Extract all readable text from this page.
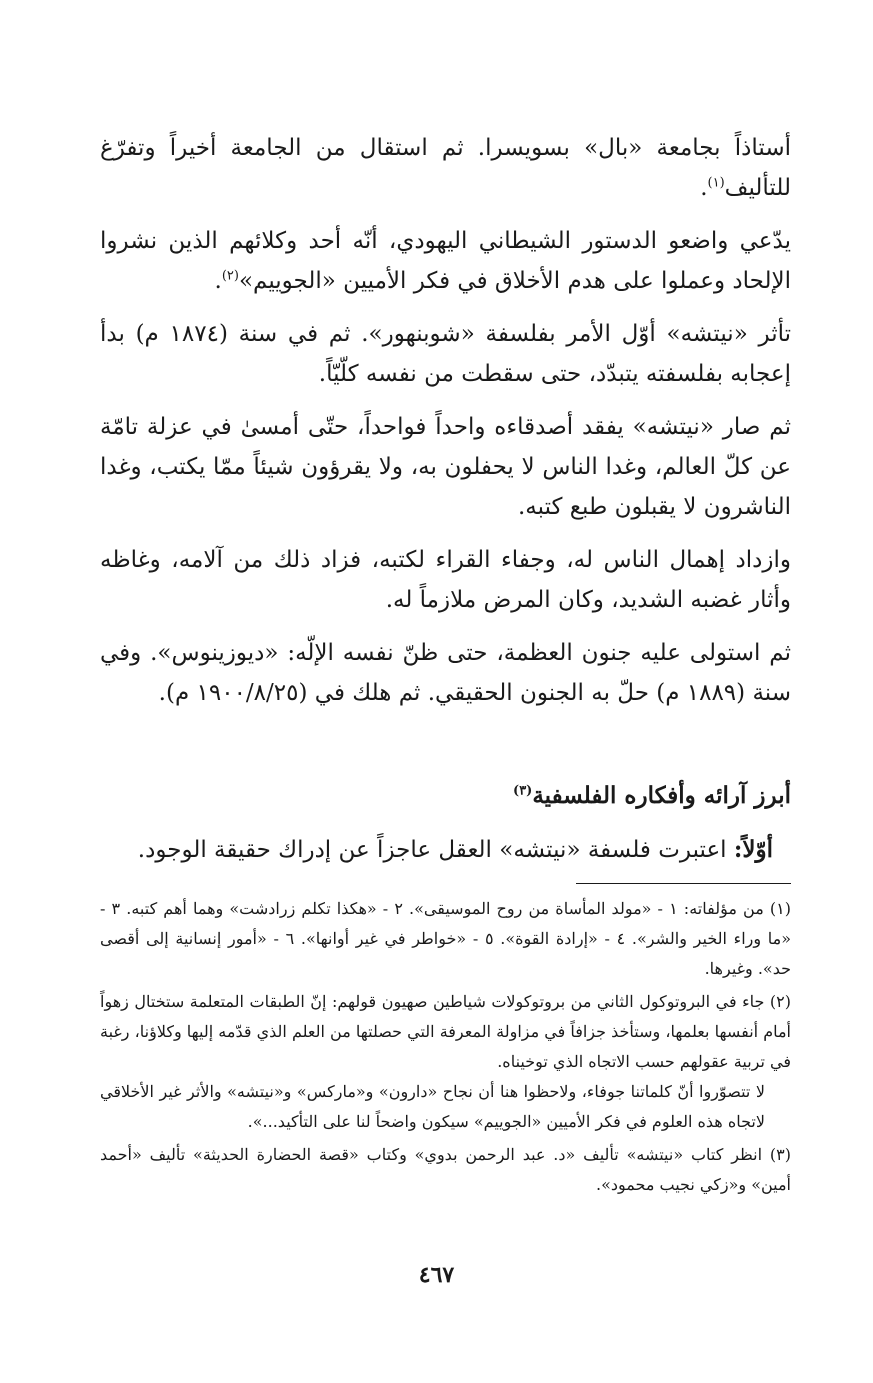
أستاذاً بجامعة «بال» بسويسرا. ثم استقال من الجامعة أخيراً وتفرّغ للتأليف$^{(١)}$.

يدّعي واضعو الدستور الشيطاني اليهودي، أنّه أحد وكلائهم الذين نشروا الإلحاد وعملوا على هدم الأخلاق في فكر الأميين «الجوييم»$^{(٢)}$.

تأثر «نيتشه» أوّل الأمر بفلسفة «شوبنهور». ثم في سنة (١٨٧٤ م) بدأ إعجابه بفلسفته يتبدّد، حتى سقطت من نفسه كلّيّاً.

ثم صار «نيتشه» يفقد أصدقاءه واحداً فواحداً، حتّى أمسىٰ في عزلة تامّة عن كلّ العالم، وغدا الناس لا يحفلون به، ولا يقرؤون شيئاً ممّا يكتب، وغدا الناشرون لا يقبلون طبع كتبه.

وازداد إهمال الناس له، وجفاء القراء لكتبه، فزاد ذلك من آلامه، وغاظه وأثار غضبه الشديد، وكان المرض ملازماً له.

ثم استولى عليه جنون العظمة، حتى ظنّ نفسه الإلّه: «ديوزينوس». وفي سنة (١٨٨٩ م) حلّ به الجنون الحقيقي. ثم هلك في (١٩٠٠/٨/٢٥ م).

أبرز آرائه وأفكاره الفلسفية$^{(٣)}$
أوّلاً: اعتبرت فلسفة «نيتشه» العقل عاجزاً عن إدراك حقيقة الوجود.
(١) من مؤلفاته: ١ - «مولد المأساة من روح الموسيقى». ٢ - «هكذا تكلم زرادشت» وهما أهم كتبه. ٣ - «ما وراء الخير والشر». ٤ - «إرادة القوة». ٥ - «خواطر في غير أوانها». ٦ - «أمور إنسانية إلى أقصى حد». وغيرها.
(٢) جاء في البروتوكول الثاني من بروتوكولات شياطين صهيون قولهم: إنّ الطبقات المتعلمة ستختال زهواً أمام أنفسها بعلمها، وستأخذ جزافاً في مزاولة المعرفة التي حصلتها من العلم الذي قدّمه إليها وكلاؤنا، رغبة في تربية عقولهم حسب الاتجاه الذي توخيناه.
لا تتصوّروا أنّ كلماتنا جوفاء، ولاحظوا هنا أن نجاح «دارون» و«ماركس» و«نيتشه» والأثر غير الأخلاقي لاتجاه هذه العلوم في فكر الأميين «الجوييم» سيكون واضحاً لنا على التأكيد...».
(٣) انظر كتاب «نيتشه» تأليف «د. عبد الرحمن بدوي» وكتاب «قصة الحضارة الحديثة» تأليف «أحمد أمين» و«زكي نجيب محمود».
٤٦٧
